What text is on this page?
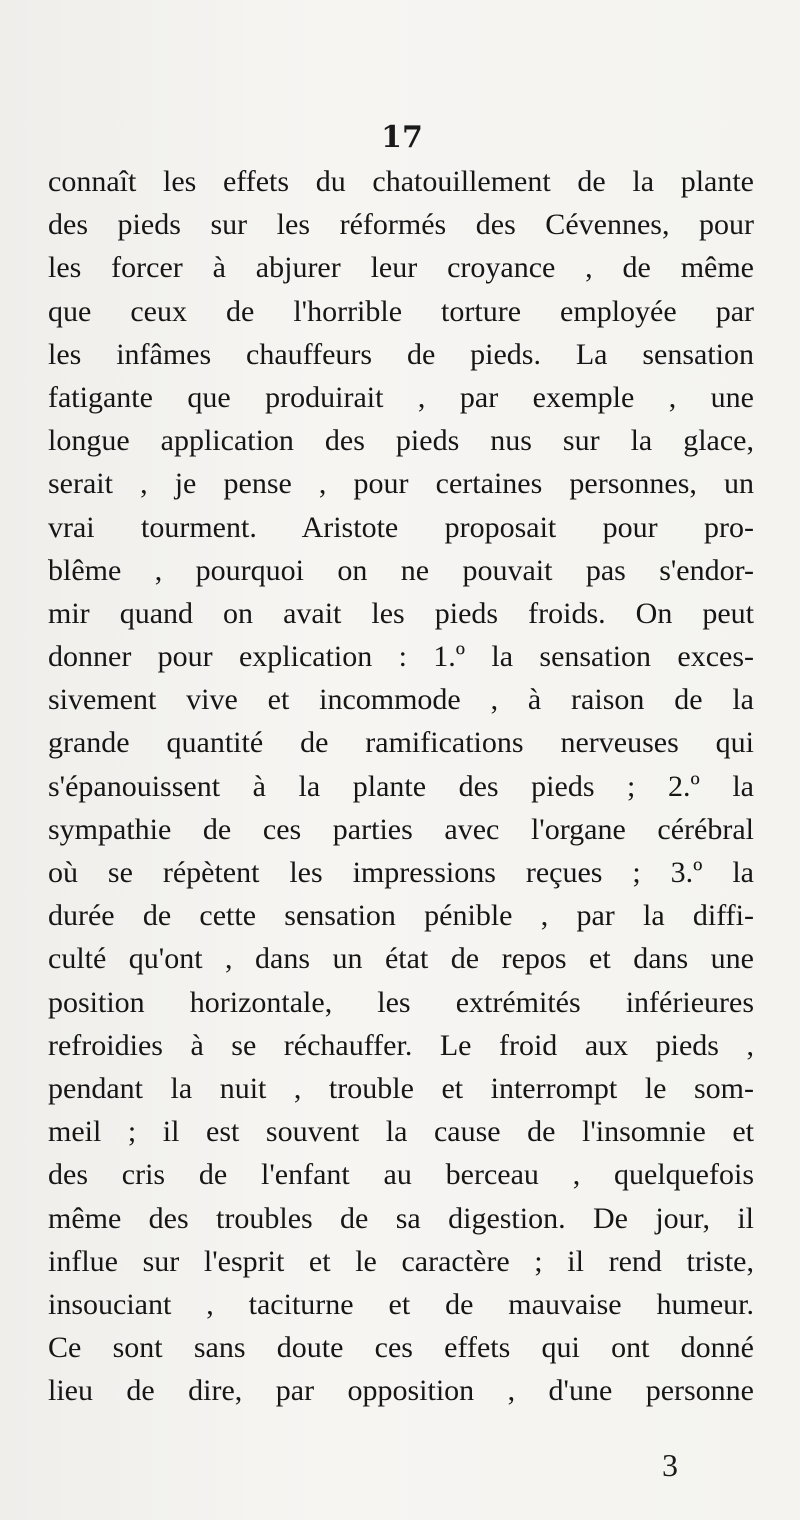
17
connaît les effets du chatouillement de la plante
des pieds sur les réformés des Cévennes, pour
les forcer à abjurer leur croyance , de même
que ceux de l'horrible torture employée par
les infâmes chauffeurs de pieds. La sensation
fatigante que produirait , par exemple , une
longue application des pieds nus sur la glace,
serait , je pense , pour certaines personnes, un
vrai tourment. Aristote proposait pour pro-
blême , pourquoi on ne pouvait pas s'endor-
mir quand on avait les pieds froids. On peut
donner pour explication : 1.º la sensation exces-
sivement vive et incommode , à raison de la
grande quantité de ramifications nerveuses qui
s'épanouissent à la plante des pieds ; 2.º la
sympathie de ces parties avec l'organe cérébral
où se répètent les impressions reçues ; 3.º la
durée de cette sensation pénible , par la diffi-
culté qu'ont , dans un état de repos et dans une
position horizontale, les extrémités inférieures
refroidies à se réchauffer. Le froid aux pieds ,
pendant la nuit , trouble et interrompt le som-
meil ; il est souvent la cause de l'insomnie et
des cris de l'enfant au berceau , quelquefois
même des troubles de sa digestion. De jour, il
influe sur l'esprit et le caractère ; il rend triste,
insouciant , taciturne et de mauvaise humeur.
Ce sont sans doute ces effets qui ont donné
lieu de dire, par opposition , d'une personne
3
